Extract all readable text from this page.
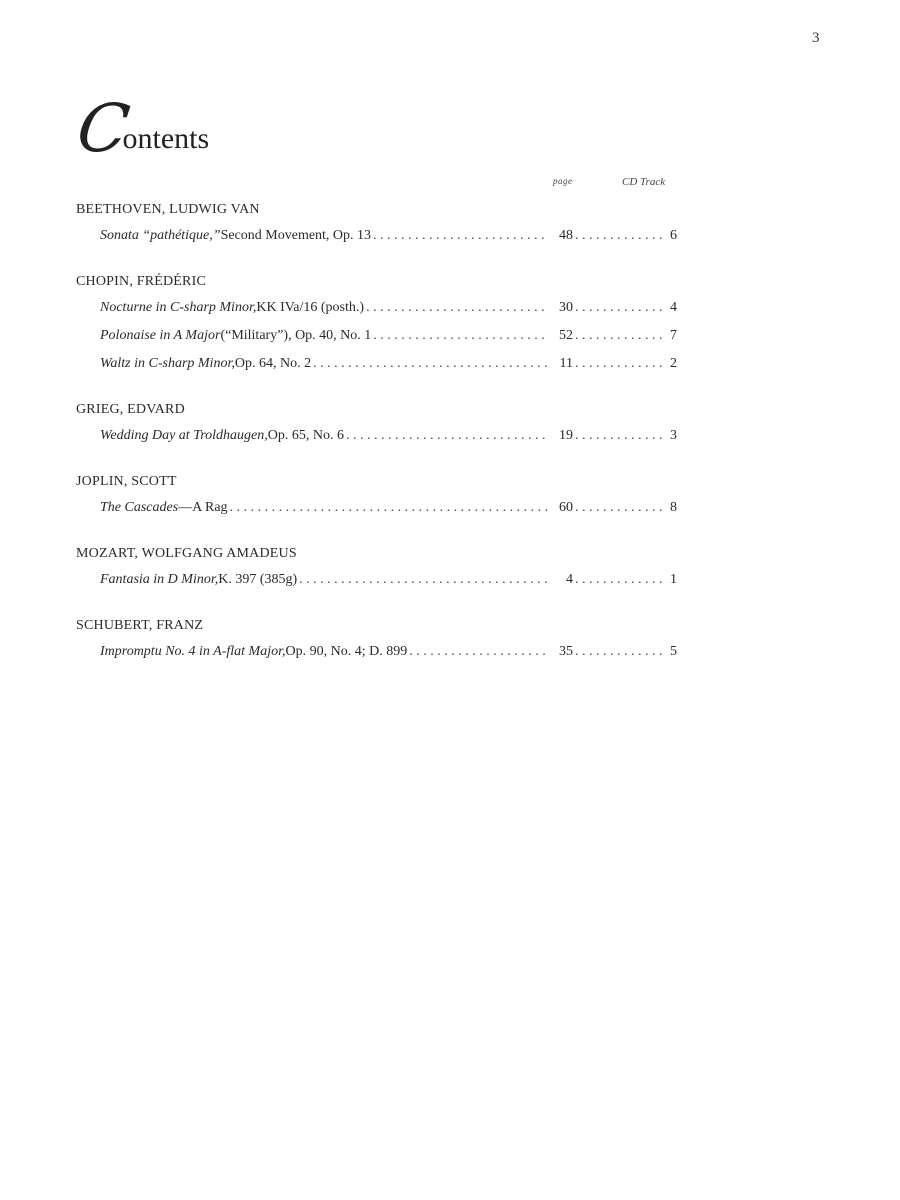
3
C
ontents
page	CD Track
BEETHOVEN, LUDWIG VAN
Sonata “pathétique,” Second Movement, Op. 13 . . .	48 . . .	6
CHOPIN, FRÉDÉRIC
Nocturne in C-sharp Minor, KK IVa/16 (posth.) . . .	30 . . .	4
Polonaise in A Major (“Military”), Op. 40, No. 1 . . .	52 . . .	7
Waltz in C-sharp Minor, Op. 64, No. 2 . . .	11 . . .	2
GRIEG, EDVARD
Wedding Day at Troldhaugen, Op. 65, No. 6 . . .	19 . . .	3
JOPLIN, SCOTT
The Cascades —A Rag . . .	60 . . .	8
MOZART, WOLFGANG AMADEUS
Fantasia in D Minor, K. 397 (385g) . . .	4 . . .	1
SCHUBERT, FRANZ
Impromptu No. 4 in A-flat Major, Op. 90, No. 4; D. 899 . . .	35 . . .	5
